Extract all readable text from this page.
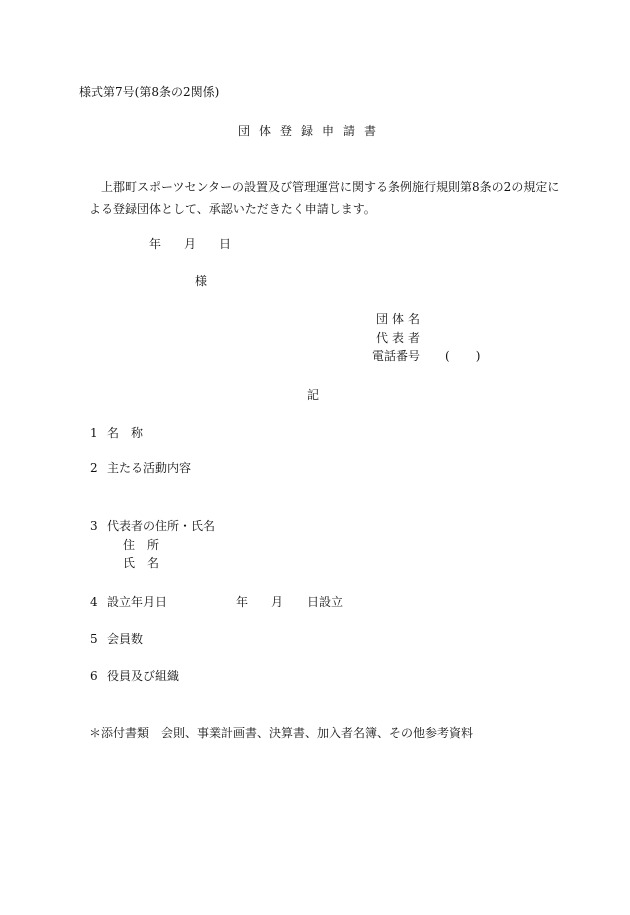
様式第7号(第8条の2関係)
団体登録申請書
上郡町スポーツセンターの設置及び管理運営に関する条例施行規則第8条の2の規定に
よる登録団体として、承認いただきたく申請します。
年 月 日
様
団体名
代表者
電話番号 ( )
記
1 名　称
2 主たる活動内容
3 代表者の住所・氏名
住　所
氏　名
4 設立年月日	年 月 日設立
5 会員数
6 役員及び組織
＊添付書類　会則、事業計画書、決算書、加入者名簿、その他参考資料
